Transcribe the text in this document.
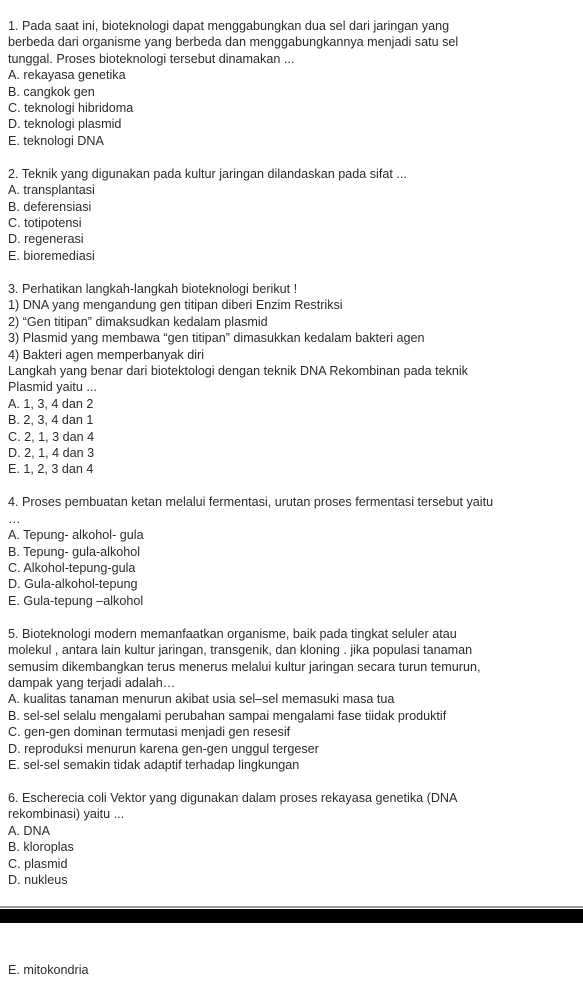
1. Pada saat ini, bioteknologi dapat menggabungkan dua sel dari jaringan yang
berbeda dari organisme yang berbeda dan menggabungkannya menjadi satu sel
tunggal. Proses bioteknologi tersebut dinamakan ...
A. rekayasa genetika
B. cangkok gen
C. teknologi hibridoma
D. teknologi plasmid
E. teknologi DNA
2. Teknik yang digunakan pada kultur jaringan dilandaskan pada sifat ...
A. transplantasi
B. deferensiasi
C. totipotensi
D. regenerasi
E. bioremediasi
3. Perhatikan langkah-langkah bioteknologi berikut !
1) DNA yang mengandung gen titipan diberi Enzim Restriksi
2) “Gen titipan” dimaksudkan kedalam plasmid
3) Plasmid yang membawa “gen titipan” dimasukkan kedalam bakteri agen
4) Bakteri agen memperbanyak diri
Langkah yang benar dari biotektologi dengan teknik DNA Rekombinan pada teknik
Plasmid yaitu ...
A. 1, 3, 4 dan 2
B. 2, 3, 4 dan 1
C. 2, 1, 3 dan 4
D. 2, 1, 4 dan 3
E. 1, 2, 3 dan 4
4. Proses pembuatan ketan melalui fermentasi, urutan proses fermentasi tersebut yaitu
…
A. Tepung- alkohol- gula
B. Tepung- gula-alkohol
C. Alkohol-tepung-gula
D. Gula-alkohol-tepung
E. Gula-tepung –alkohol
5. Bioteknologi modern memanfaatkan organisme, baik pada tingkat seluler atau
molekul , antara lain kultur jaringan, transgenik, dan kloning . jika populasi tanaman
semusim dikembangkan terus menerus melalui kultur jaringan secara turun temurun,
dampak yang terjadi adalah…
A. kualitas tanaman menurun akibat usia sel–sel memasuki masa tua
B. sel-sel selalu mengalami perubahan sampai mengalami fase tiidak produktif
C. gen-gen dominan termutasi menjadi gen resesif
D. reproduksi menurun karena gen-gen unggul tergeser
E. sel-sel semakin tidak adaptif terhadap lingkungan
6. Escherecia coli Vektor yang digunakan dalam proses rekayasa genetika (DNA
rekombinasi) yaitu ...
A. DNA
B. kloroplas
C. plasmid
D. nukleus
E. mitokondria
